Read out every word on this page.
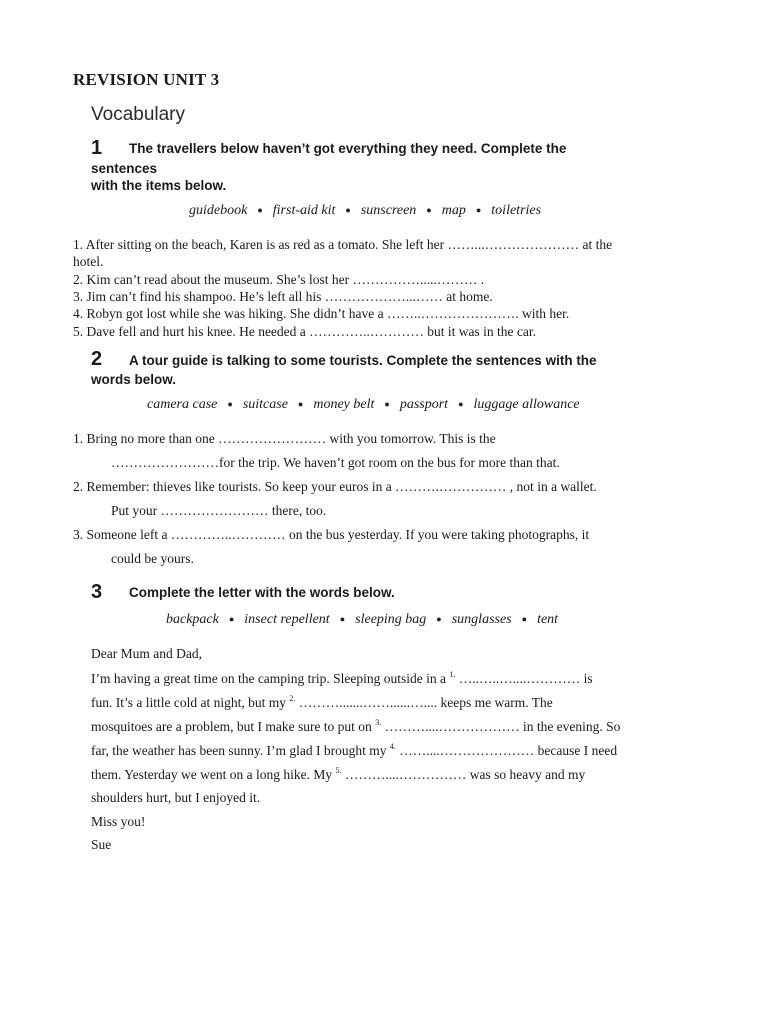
REVISION UNIT 3
Vocabulary
1 The travellers below haven’t got everything they need. Complete the
sentences
with the items below.
guidebook ● first-aid kit ● sunscreen ● map ● toiletries
1. After sitting on the beach, Karen is as red as a tomato. She left her ……...………………… at the
hotel.
2. Kim can’t read about the museum. She’s lost her …………….....……… .
3. Jim can’t find his shampoo. He’s left all his ………………...…… at home.
4. Robyn got lost while she was hiking. She didn’t have a ……..…………………. with her.
5. Dave fell and hurt his knee. He needed a …………..………… but it was in the car.
2 A tour guide is talking to some tourists. Complete the sentences with the
words below.
camera case ● suitcase ● money belt ● passport ● luggage allowance
1. Bring no more than one …………………… with you tomorrow. This is the
……………………for the trip. We haven’t got room on the bus for more than that.
2. Remember: thieves like tourists. So keep your euros in a ……….…………… , not in a wallet.
Put your …………………… there, too.
3. Someone left a …………..………… on the bus yesterday. If you were taking photographs, it
could be yours.
3 Complete the letter with the words below.
backpack ● insect repellent ● sleeping bag ● sunglasses ● tent
Dear Mum and Dad,
I’m having a great time on the camping trip. Sleeping outside in a $^{1.}$ …..…..…....………… is
fun. It’s a little cold at night, but my $^{2.}$ ……….......……......….... keeps me warm. The
mosquitoes are a problem, but I make sure to put on $^{3.}$ ………....……………… in the evening. So
far, the weather has been sunny. I’m glad I brought my $^{4.}$ ……....………………… because I need
them. Yesterday we went on a long hike. My $^{5.}$ ………....…………… was so heavy and my
shoulders hurt, but I enjoyed it.
Miss you!
Sue
